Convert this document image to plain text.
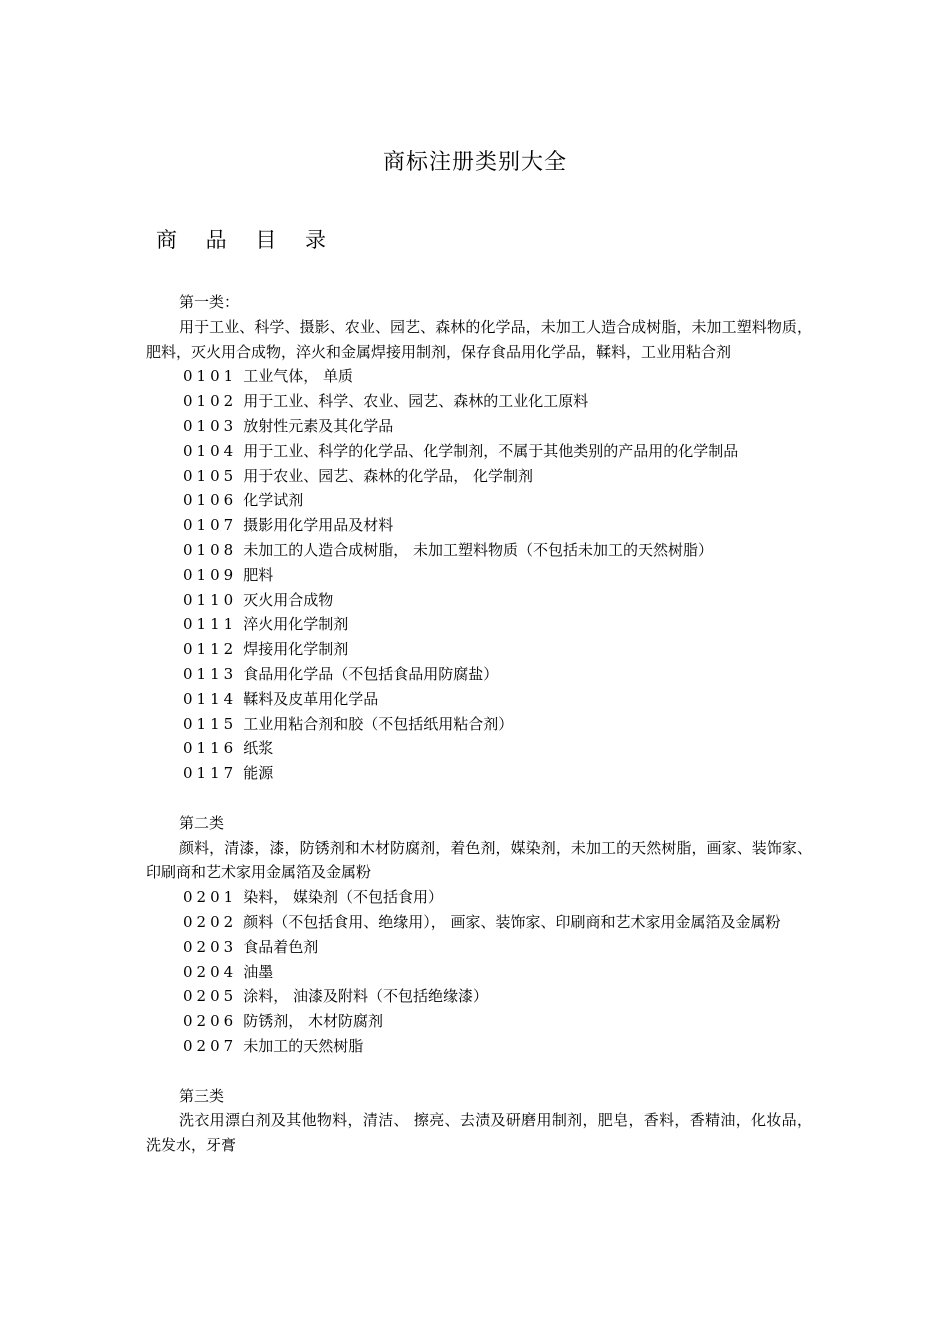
商标注册类别大全
商 品 目 录
第一类：
用于工业、科学、摄影、农业、园艺、森林的化学品，未加工人造合成树脂，未加工塑料物质，肥料，灭火用合成物，淬火和金属焊接用制剂，保存食品用化学品，鞣料，工业用粘合剂
0101 工业气体， 单质
0102 用于工业、科学、农业、园艺、森林的工业化工原料
0103 放射性元素及其化学品
0104 用于工业、科学的化学品、化学制剂，不属于其他类别的产品用的化学制品
0105 用于农业、园艺、森林的化学品， 化学制剂
0106 化学试剂
0107 摄影用化学用品及材料
0108 未加工的人造合成树脂， 未加工塑料物质（不包括未加工的天然树脂）
0109 肥料
0110 灭火用合成物
0111 淬火用化学制剂
0112 焊接用化学制剂
0113 食品用化学品（不包括食品用防腐盐）
0114 鞣料及皮革用化学品
0115 工业用粘合剂和胶（不包括纸用粘合剂）
0116 纸浆
0117 能源
第二类
颜料，清漆，漆，防锈剂和木材防腐剂，着色剂，媒染剂，未加工的天然树脂，画家、装饰家、印刷商和艺术家用金属箔及金属粉
0201 染料， 媒染剂（不包括食用）
0202 颜料（不包括食用、绝缘用）， 画家、装饰家、印刷商和艺术家用金属箔及金属粉
0203 食品着色剂
0204 油墨
0205 涂料， 油漆及附料（不包括绝缘漆）
0206 防锈剂， 木材防腐剂
0207 未加工的天然树脂
第三类
洗衣用漂白剂及其他物料，清洁、 擦亮、去渍及研磨用制剂，肥皂，香料，香精油，化妆品，洗发水，牙膏
